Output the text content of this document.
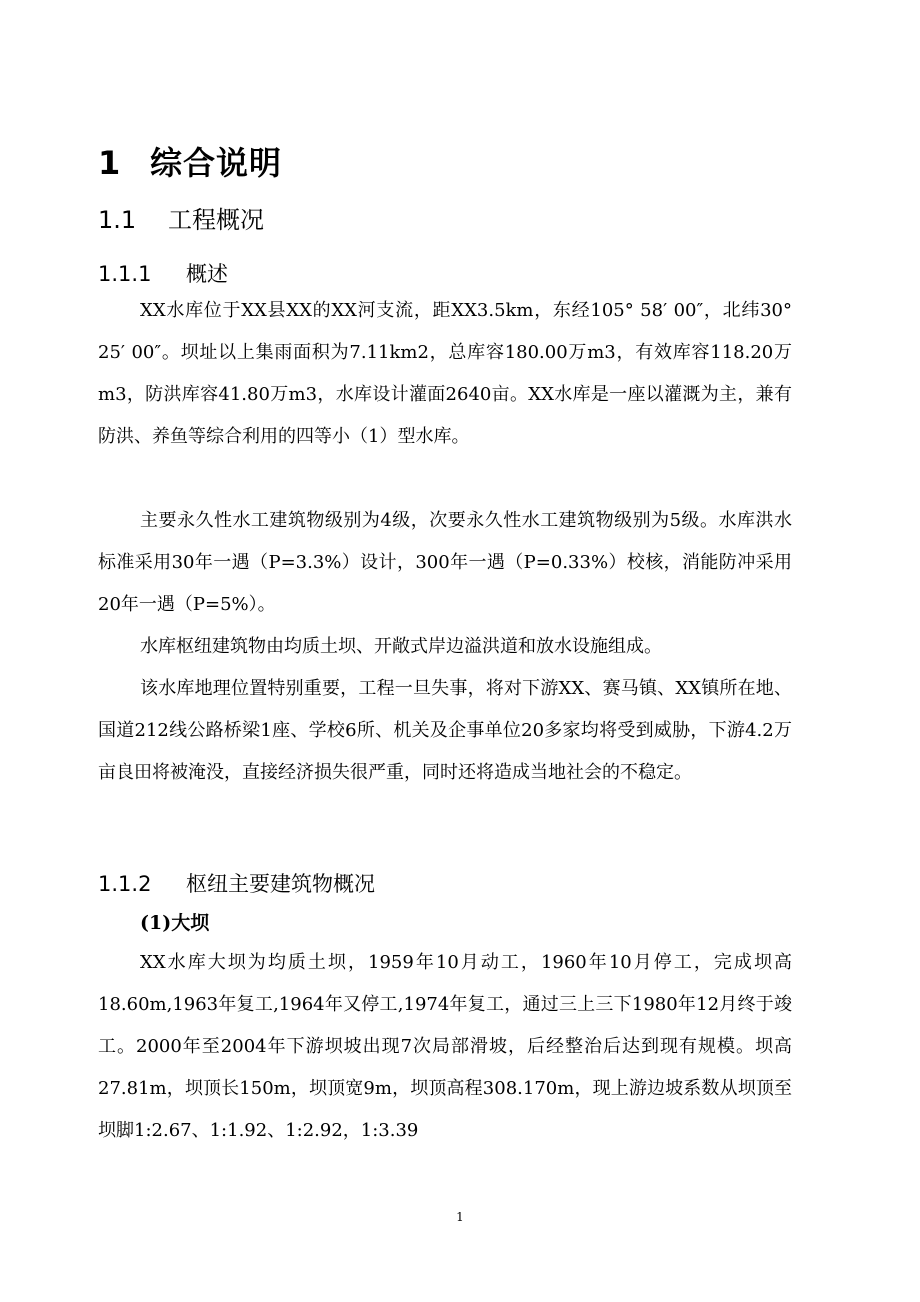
1 综合说明
1.1 工程概况
1.1.1 概述

XX水库位于XX县XX的XX河支流，距XX3.5km，东经105° 58′ 00″，北纬30° 25′ 00″。坝址以上集雨面积为7.11km2，总库容180.00万m3，有效库容118.20万m3，防洪库容41.80万m3，水库设计灌面2640亩。XX水库是一座以灌溉为主，兼有防洪、养鱼等综合利用的四等小（1）型水库。

主要永久性水工建筑物级别为4级，次要永久性水工建筑物级别为5级。水库洪水标准采用30年一遇（P=3.3%）设计，300年一遇（P=0.33%）校核，消能防冲采用20年一遇（P=5%）。

水库枢纽建筑物由均质土坝、开敞式岸边溢洪道和放水设施组成。

该水库地理位置特别重要，工程一旦失事，将对下游XX、赛马镇、XX镇所在地、国道212线公路桥梁1座、学校6所、机关及企事单位20多家均将受到威胁，下游4.2万亩良田将被淹没，直接经济损失很严重，同时还将造成当地社会的不稳定。

1.1.2 枢纽主要建筑物概况
(1)大坝

XX水库大坝为均质土坝，1959年10月动工，1960年10月停工，完成坝高18.60m,1963年复工,1964年又停工,1974年复工，通过三上三下1980年12月终于竣工。2000年至2004年下游坝坡出现7次局部滑坡，后经整治后达到现有规模。坝高27.81m，坝顶长150m，坝顶宽9m，坝顶高程308.170m，现上游边坡系数从坝顶至坝脚1:2.67、1:1.92、1:2.92，1:3.39

1
